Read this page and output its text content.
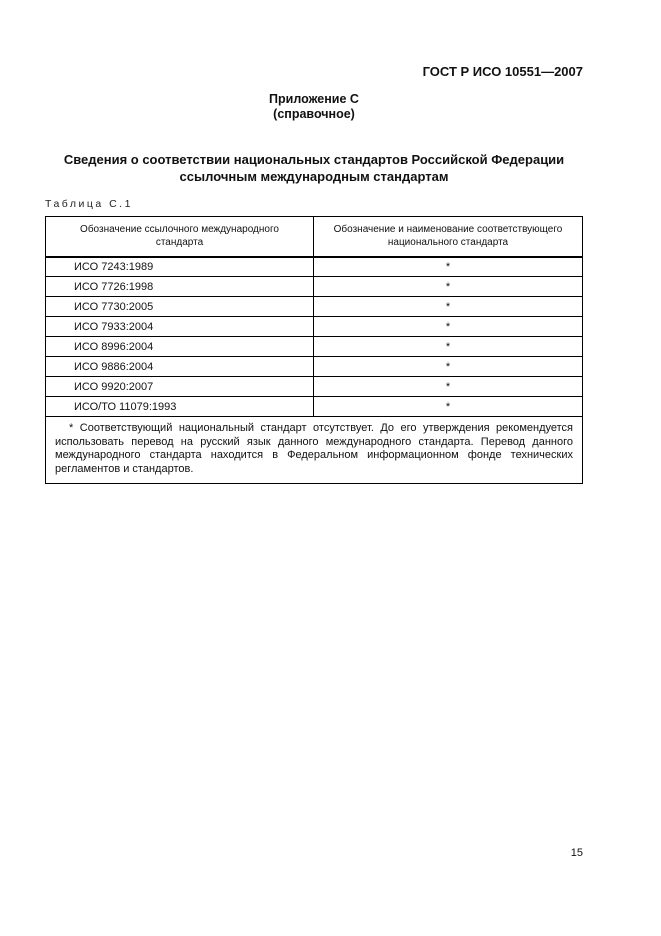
ГОСТ Р ИСО 10551—2007
Приложение С
(справочное)
Сведения о соответствии национальных стандартов Российской Федерации
ссылочным международным стандартам
Таблица С.1
Обозначение ссылочного международного стандарта	Обозначение и наименование соответствующего национального стандарта
ИСО 7243:1989	*
ИСО 7726:1998	*
ИСО 7730:2005	*
ИСО 7933:2004	*
ИСО 8996:2004	*
ИСО 9886:2004	*
ИСО 9920:2007	*
ИСО/ТО 11079:1993	*
* Соответствующий национальный стандарт отсутствует. До его утверждения рекомендуется использовать перевод на русский язык данного международного стандарта. Перевод данного международного стандарта находится в Федеральном информационном фонде технических регламентов и стандартов.	
15
